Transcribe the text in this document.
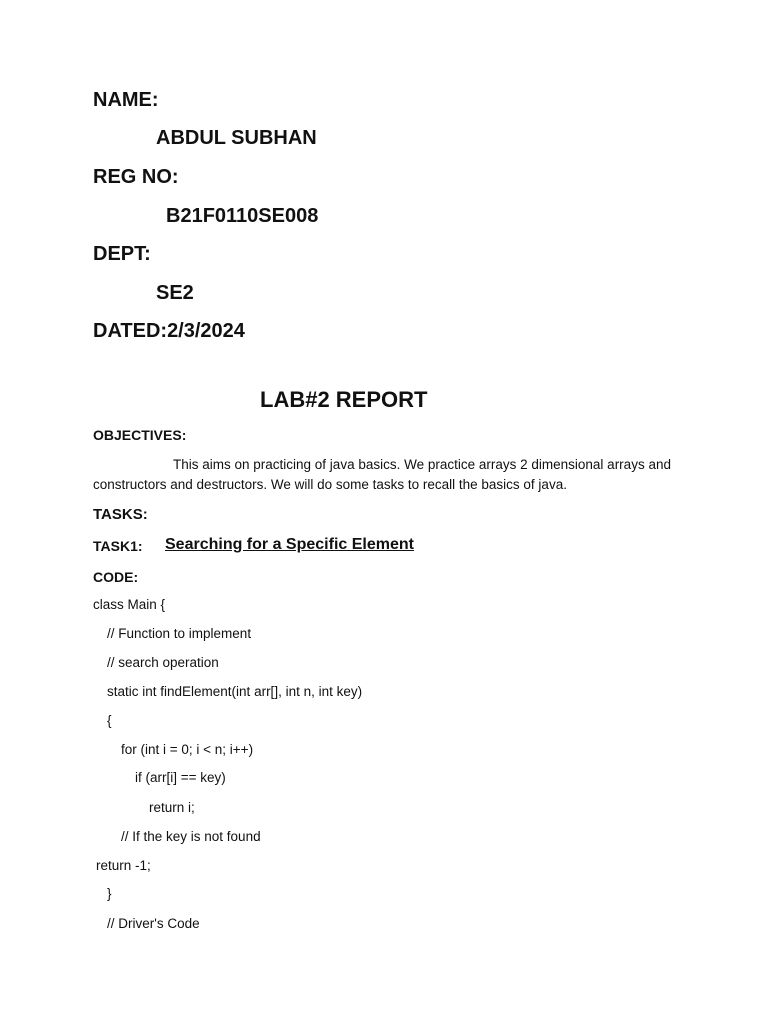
NAME:
ABDUL SUBHAN
REG NO:
B21F0110SE008
DEPT:
SE2
DATED:2/3/2024
LAB#2 REPORT
OBJECTIVES:
This aims on practicing of java basics. We practice arrays 2 dimensional arrays and constructors and destructors. We will do some tasks to recall the basics of java.
TASKS:
TASK1: Searching for a Specific Element
CODE:
class Main {
// Function to implement
// search operation
static int findElement(int arr[], int n, int key)
{
for (int i = 0; i < n; i++)
if (arr[i] == key)
return i;
// If the key is not found
return -1;
}
// Driver's Code
